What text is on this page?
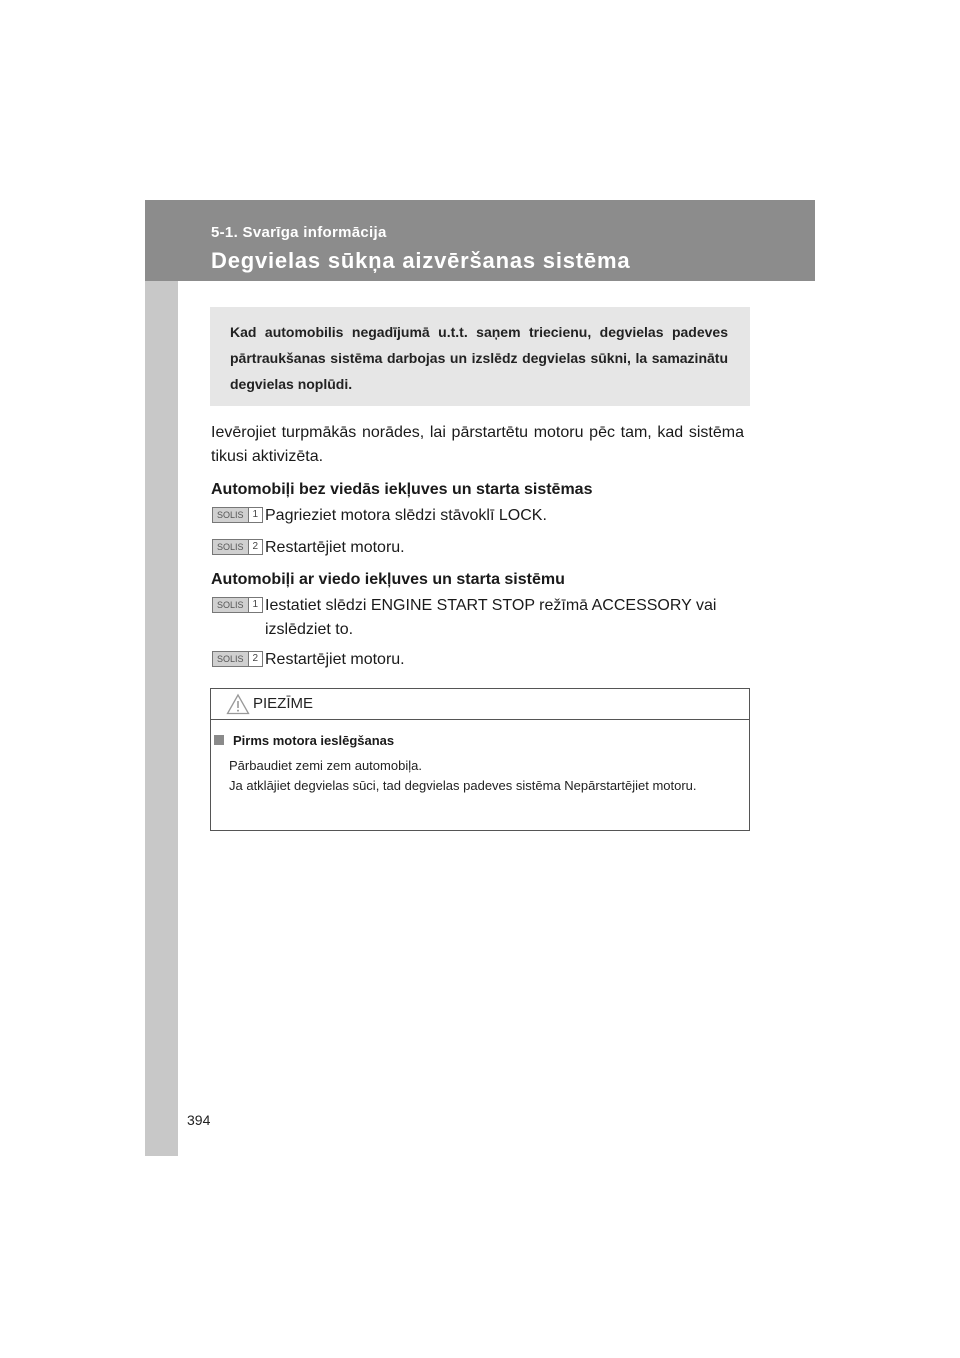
5-1. Svarīga informācija
Degvielas sūkņa aizvēršanas sistēma

Kad automobilis negadījumā u.t.t. saņem triecienu, degvielas padeves pārtraukšanas sistēma darbojas un izslēdz degvielas sūkni, la samazinātu degvielas noplūdi.

Ievērojiet turpmākās norādes, lai pārstartētu motoru pēc tam, kad sistēma tikusi aktivizēta.
Automobiļi bez viedās iekļuves un starta sistēmas
SOLIS 1 Pagrieziet motora slēdzi stāvoklī LOCK.
SOLIS 2 Restartējiet motoru.
Automobiļi ar viedo iekļuves un starta sistēmu
SOLIS 1 Iestatiet slēdzi ENGINE START STOP režīmā ACCESSORY vai izslēdziet to.
SOLIS 2 Restartējiet motoru.
PIEZĪME
Pirms motora ieslēgšanas
Pārbaudiet zemi zem automobiļa.
Ja atklājiet degvielas sūci, tad degvielas padeves sistēma Nepārstartējiet motoru.
394
